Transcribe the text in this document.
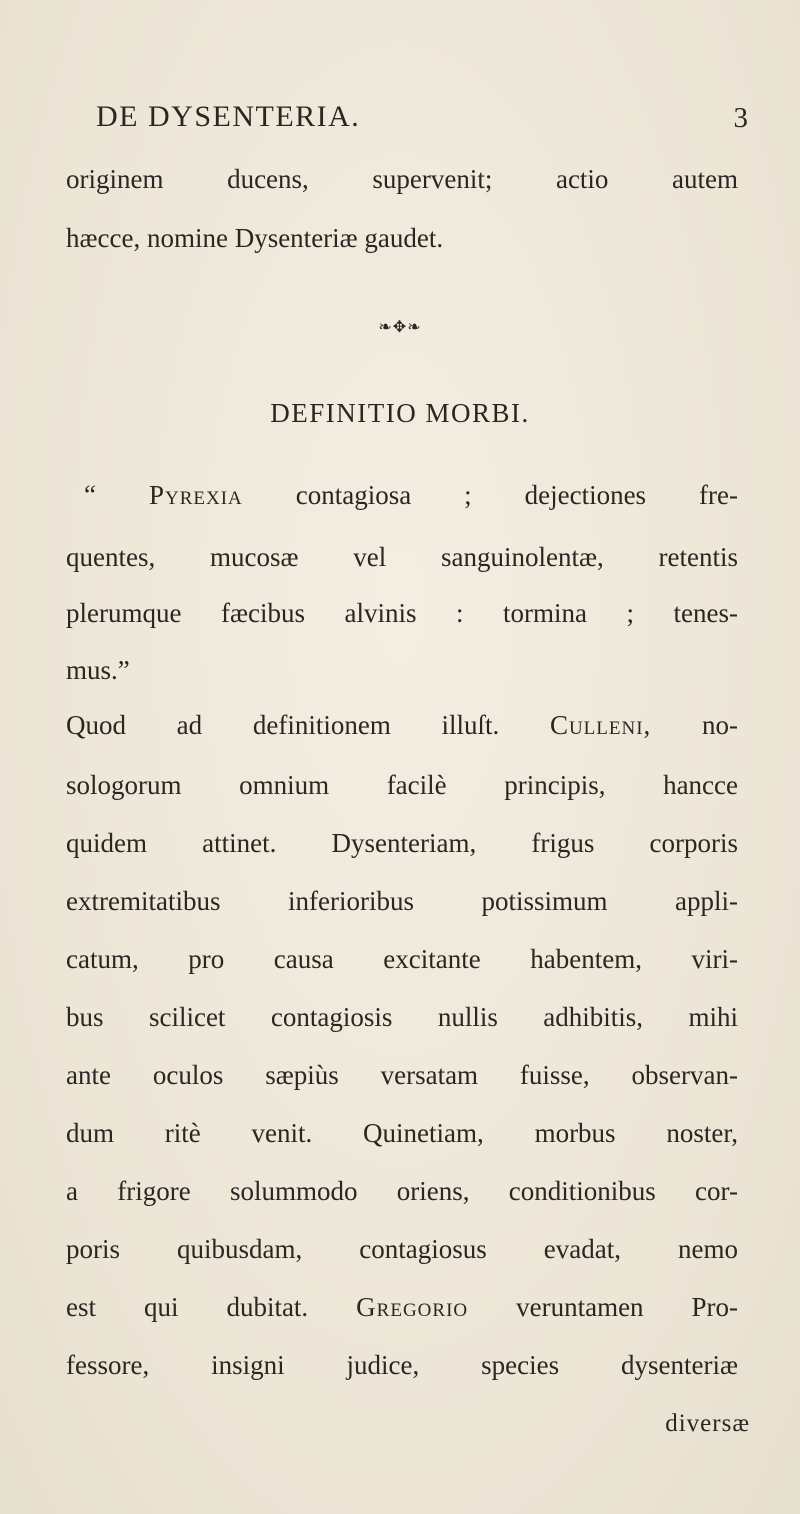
DE DYSENTERIA.	3
originem ducens, supervenit; actio autem
hæcce, nomine Dysenteriæ gaudet.
❧✥❧
DEFINITIO MORBI.
“ Pyrexia contagiosa ; dejectiones fre-
quentes, mucosæ vel sanguinolentæ, retentis
plerumque fæcibus alvinis : tormina ; tenes-
mus.”
Quod ad definitionem illuſt. Culleni, no-
sologorum omnium facilè principis, hancce
quidem attinet. Dysenteriam, frigus corporis
extremitatibus inferioribus potissimum appli-
catum, pro causa excitante habentem, viri-
bus scilicet contagiosis nullis adhibitis, mihi
ante oculos sæpiùs versatam fuisse, observan-
dum ritè venit. Quinetiam, morbus noster,
a frigore solummodo oriens, conditionibus cor-
poris quibusdam, contagiosus evadat, nemo
est qui dubitat. Gregorio veruntamen Pro-
fessore, insigni judice, species dysenteriæ
diversæ
